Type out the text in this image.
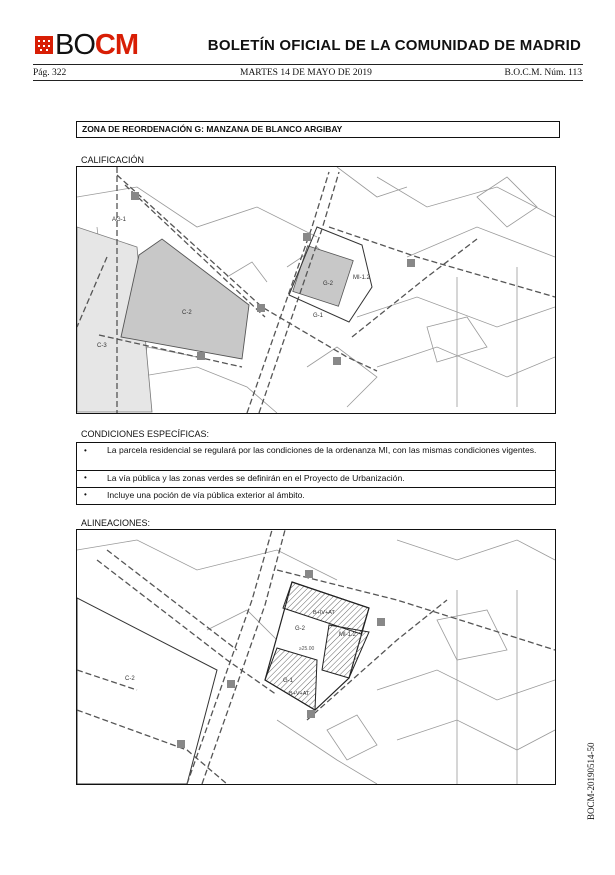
BOCM	BOLETÍN OFICIAL DE LA COMUNIDAD DE MADRID
Pág. 322	MARTES 14 DE MAYO DE 2019	B.O.C.M. Núm. 113
ZONA DE REORDENACIÓN G: MANZANA DE BLANCO ARGIBAY
CALIFICACIÓN
AG-1
C-2
C-3
G-2
G-1
MI-1.2
CONDICIONES ESPECÍFICAS:
• La parcela residencial se regulará por las condiciones de la ordenanza MI, con las mismas condiciones vigentes.
• La vía pública y las zonas verdes se definirán en el Proyecto de Urbanización.
• Incluye una poción de vía pública exterior al ámbito.
ALINEACIONES:
C-2
G-2
G-1
MI-1.2
B+IV+AT
B+V+AT
≥25.00
BOCM-20190514-50
